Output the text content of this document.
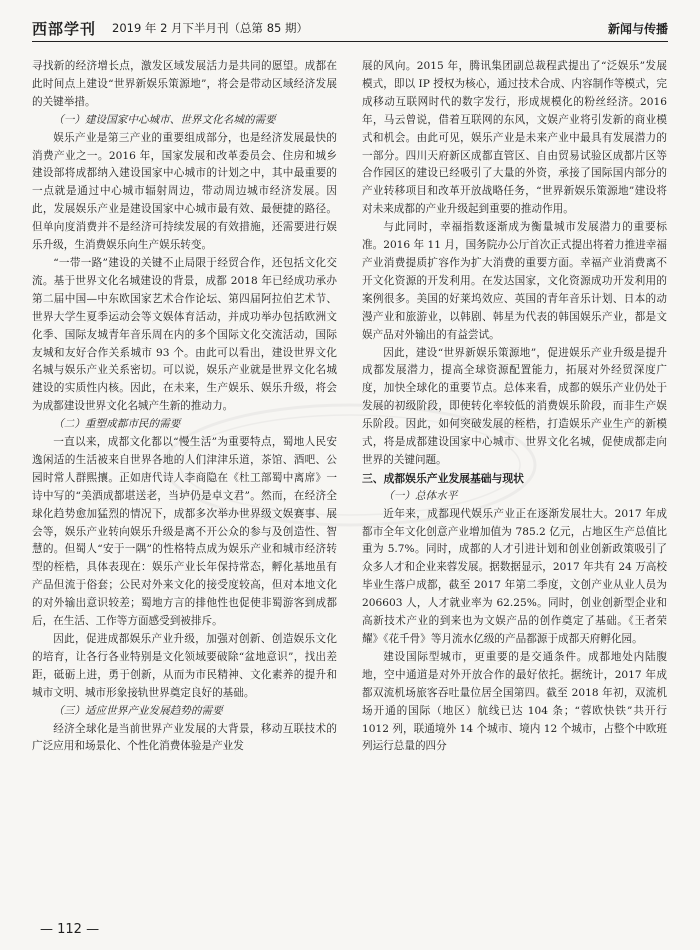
西部学刊 2019 年 2 月下半月刊（总第 85 期）	新闻与传播

寻找新的经济增长点，激发区域发展活力是共同的愿望。成都在此时间点上建设“世界新娱乐策源地”，将会是带动区域经济发展的关键举措。

（一）建设国家中心城市、世界文化名城的需要

娱乐产业是第三产业的重要组成部分，也是经济发展最快的消费产业之一。2016 年，国家发展和改革委员会、住房和城乡建设部将成都纳入建设国家中心城市的计划之中，其中最重要的一点就是通过中心城市辐射周边，带动周边城市经济发展。因此，发展娱乐产业是建设国家中心城市最有效、最便捷的路径。但单向度消费并不是经济可持续发展的有效措施，还需要进行娱乐升级，生消费娱乐向生产娱乐转变。

“一带一路”建设的关键不止局限于经贸合作，还包括文化交流。基于世界文化名城建设的背景，成都 2018 年已经成功承办第二届中国—中东欧国家艺术合作论坛、第四届阿拉伯艺术节、世界大学生夏季运动会等文娱体育活动，并成功举办包括欧洲文化季、国际友城青年音乐周在内的多个国际文化交流活动，国际友城和友好合作关系城市 93 个。由此可以看出，建设世界文化名城与娱乐产业关系密切。可以说，娱乐产业就是世界文化名城建设的实质性内核。因此，在未来，生产娱乐、娱乐升级，将会为成都建设世界文化名城产生新的推动力。

（二）重塑成都市民的需要

一直以来，成都文化都以“慢生活”为重要特点，蜀地人民安逸闲适的生活被来自世界各地的人们津津乐道，茶馆、酒吧、公园时常人群熙攘。正如唐代诗人李商隐在《杜工部蜀中离席》一诗中写的“美酒成都堪送老，当垆仍是卓文君”。然而，在经济全球化趋势愈加猛烈的情况下，成都多次举办世界级文娱赛事、展会等，娱乐产业转向娱乐升级是离不开公众的参与及创造性、智慧的。但蜀人“安于一隅”的性格特点成为娱乐产业和城市经济转型的桎梏，具体表现在：娱乐产业长年保持常态，孵化基地虽有产品但流于俗套；公民对外来文化的接受度较高，但对本地文化的对外输出意识较差；蜀地方言的排他性也促使非蜀游客到成都后，在生活、工作等方面感受到被排斥。

因此，促进成都娱乐产业升级，加强对创新、创造娱乐文化的培育，让各行各业特别是文化领域要破除“盆地意识”，找出差距，砥砺上进，勇于创新，从而为市民精神、文化素养的提升和城市文明、城市形象接轨世界奠定良好的基础。

（三）适应世界产业发展趋势的需要

经济全球化是当前世界产业发展的大背景，移动互联技术的广泛应用和场景化、个性化消费体验是产业发

展的风向。2015 年，腾讯集团副总裁程武提出了“泛娱乐”发展模式，即以 IP 授权为核心，通过技术合成、内容制作等模式，完成移动互联网时代的数字发行，形成规模化的粉丝经济。2016 年，马云曾说，借着互联网的东风，文娱产业将引发新的商业模式和机会。由此可见，娱乐产业是未来产业中最具有发展潜力的一部分。四川天府新区成都直管区、自由贸易试验区成都片区等合作园区的建设已经吸引了大量的外资，承接了国际国内部分的产业转移项目和改革开放战略任务，“世界新娱乐策源地”建设将对未来成都的产业升级起到重要的推动作用。

与此同时，幸福指数逐渐成为衡量城市发展潜力的重要标准。2016 年 11 月，国务院办公厅首次正式提出将着力推进幸福产业消费提质扩容作为扩大消费的重要方面。幸福产业消费离不开文化资源的开发利用。在发达国家，文化资源成功开发利用的案例很多。美国的好莱坞效应、英国的青年音乐计划、日本的动漫产业和旅游业，以韩剧、韩星为代表的韩国娱乐产业，都是文娱产品对外输出的有益尝试。

因此，建设“世界新娱乐策源地”，促进娱乐产业升级是提升成都发展潜力，提高全球资源配置能力，拓展对外经贸深度广度，加快全球化的重要节点。总体来看，成都的娱乐产业仍处于发展的初级阶段，即使转化率较低的消费娱乐阶段，而非生产娱乐阶段。因此，如何突破发展的桎梏，打造娱乐产业生产的新模式，将是成都建设国家中心城市、世界文化名城，促使成都走向世界的关键问题。

三、成都娱乐产业发展基础与现状
（一）总体水平

近年来，成都现代娱乐产业正在逐渐发展壮大。2017 年成都市全年文化创意产业增加值为 785.2 亿元，占地区生产总值比重为 5.7%。同时，成都的人才引进计划和创业创新政策吸引了众多人才和企业来蓉发展。据数据显示，2017 年共有 24 万高校毕业生落户成都，截至 2017 年第二季度，文创产业从业人员为 206603 人，人才就业率为 62.25%。同时，创业创新型企业和高新技术产业的到来也为文娱产品的创作奠定了基础。《王者荣耀》《花千骨》等月流水亿级的产品都源于成都天府孵化园。

建设国际型城市，更重要的是交通条件。成都地处内陆腹地，空中通道是对外开放合作的最好依托。据统计，2017 年成都双流机场旅客吞吐量位居全国第四。截至 2018 年初，双流机场开通的国际（地区）航线已达 104 条；“蓉欧快铁”共开行 1012 列，联通境外 14 个城市、境内 12 个城市，占整个中欧班列运行总量的四分

— 112 —
